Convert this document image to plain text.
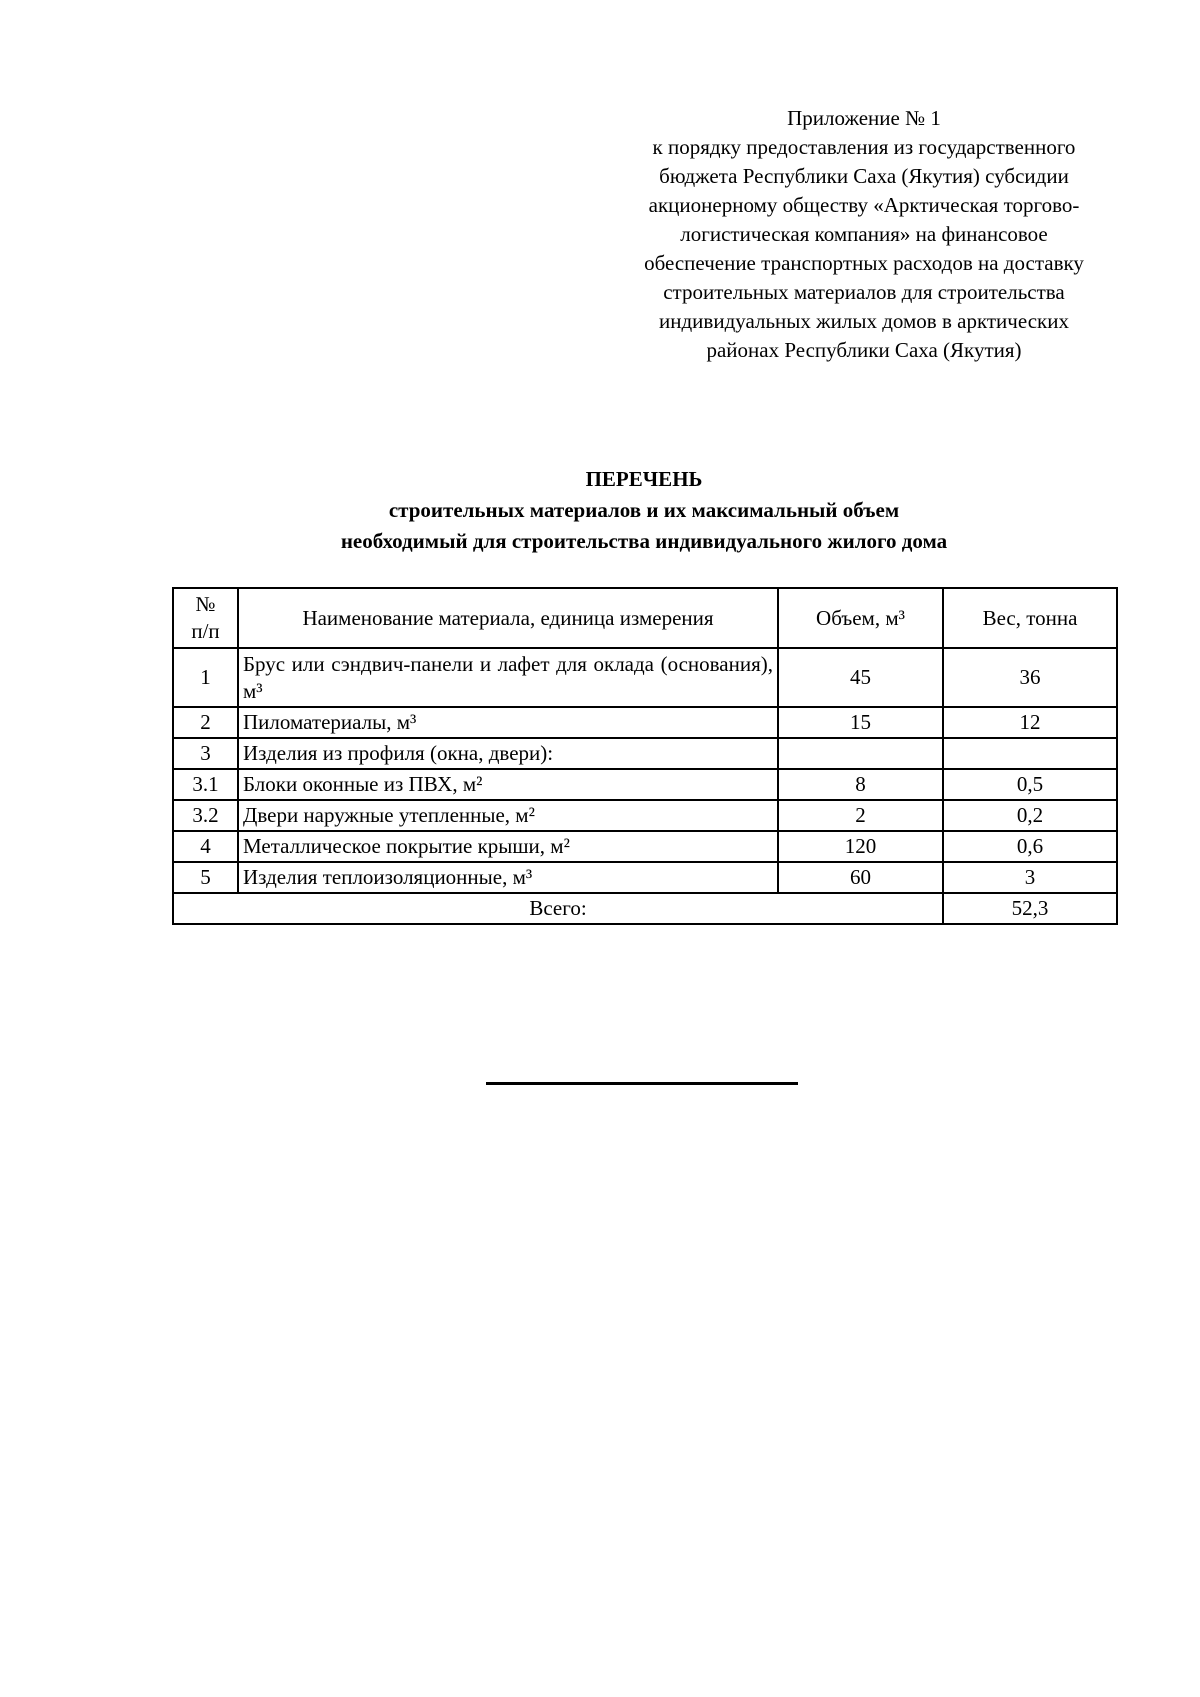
Приложение № 1
к порядку предоставления из государственного
бюджета Республики Саха (Якутия) субсидии
акционерному обществу «Арктическая торгово-
логистическая компания» на финансовое
обеспечение транспортных расходов на доставку
строительных материалов для строительства
индивидуальных жилых домов в арктических
районах Республики Саха (Якутия)
ПЕРЕЧЕНЬ
строительных материалов и их максимальный объем
необходимый для строительства индивидуального жилого дома
№
п/п	Наименование материала, единица измерения	Объем, м³	Вес, тонна
1	Брус или сэндвич-панели и лафет для оклада (основания), м³	45	36
2	Пиломатериалы, м³	15	12
3	Изделия из профиля (окна, двери):		
3.1	Блоки оконные из ПВХ, м²	8	0,5
3.2	Двери наружные утепленные, м²	2	0,2
4	Металлическое покрытие крыши, м²	120	0,6
5	Изделия теплоизоляционные, м³	60	3
Всего:			52,3
